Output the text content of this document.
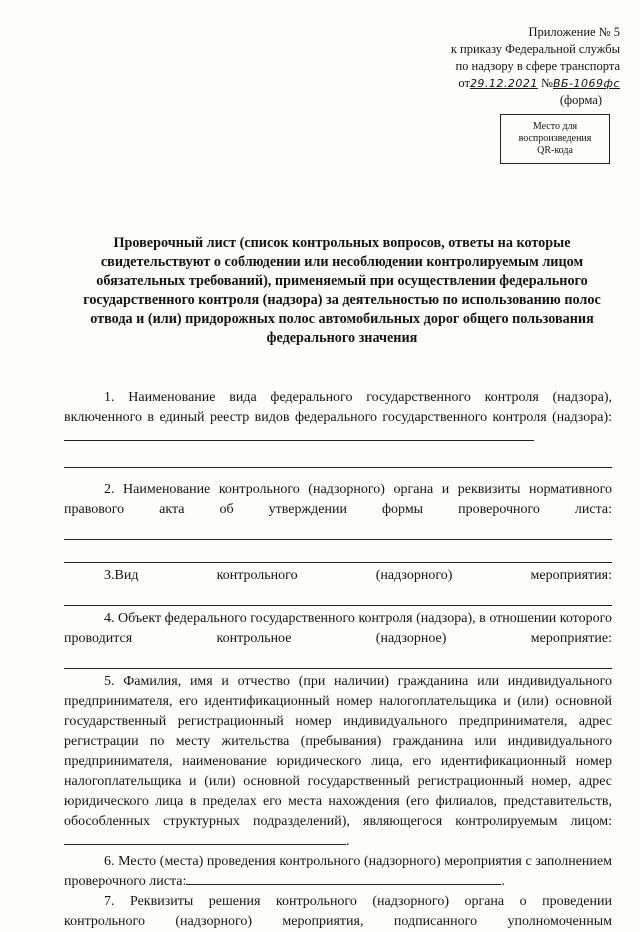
Приложение № 5
к приказу Федеральной службы
по надзору в сфере транспорта
от29.12.2021 №ВБ-1069фс
(форма)
Место для
воспроизведения
QR-кода
Проверочный лист (список контрольных вопросов, ответы на которые свидетельствуют о соблюдении или несоблюдении контролируемым лицом обязательных требований), применяемый при осуществлении федерального государственного контроля (надзора) за деятельностью по использованию полос отвода и (или) придорожных полос автомобильных дорог общего пользования федерального значения
1. Наименование вида федерального государственного контроля (надзора), включенного в единый реестр видов федерального государственного контроля (надзора):
2. Наименование контрольного (надзорного) органа и реквизиты нормативного правового акта об утверждении формы проверочного листа:
3.Вид контрольного (надзорного) мероприятия:
4. Объект федерального государственного контроля (надзора), в отношении которого проводится контрольное (надзорное) мероприятие:
5. Фамилия, имя и отчество (при наличии) гражданина или индивидуального предпринимателя, его идентификационный номер налогоплательщика и (или) основной государственный регистрационный номер индивидуального предпринимателя, адрес регистрации по месту жительства (пребывания) гражданина или индивидуального предпринимателя, наименование юридического лица, его идентификационный номер налогоплательщика и (или) основной государственный регистрационный номер, адрес юридического лица в пределах его места нахождения (его филиалов, представительств, обособленных структурных подразделений), являющегося контролируемым лицом:.
6. Место (места) проведения контрольного (надзорного) мероприятия с заполнением проверочного листа:	.
7. Реквизиты решения контрольного (надзорного) органа о проведении контрольного (надзорного) мероприятия, подписанного уполномоченным
